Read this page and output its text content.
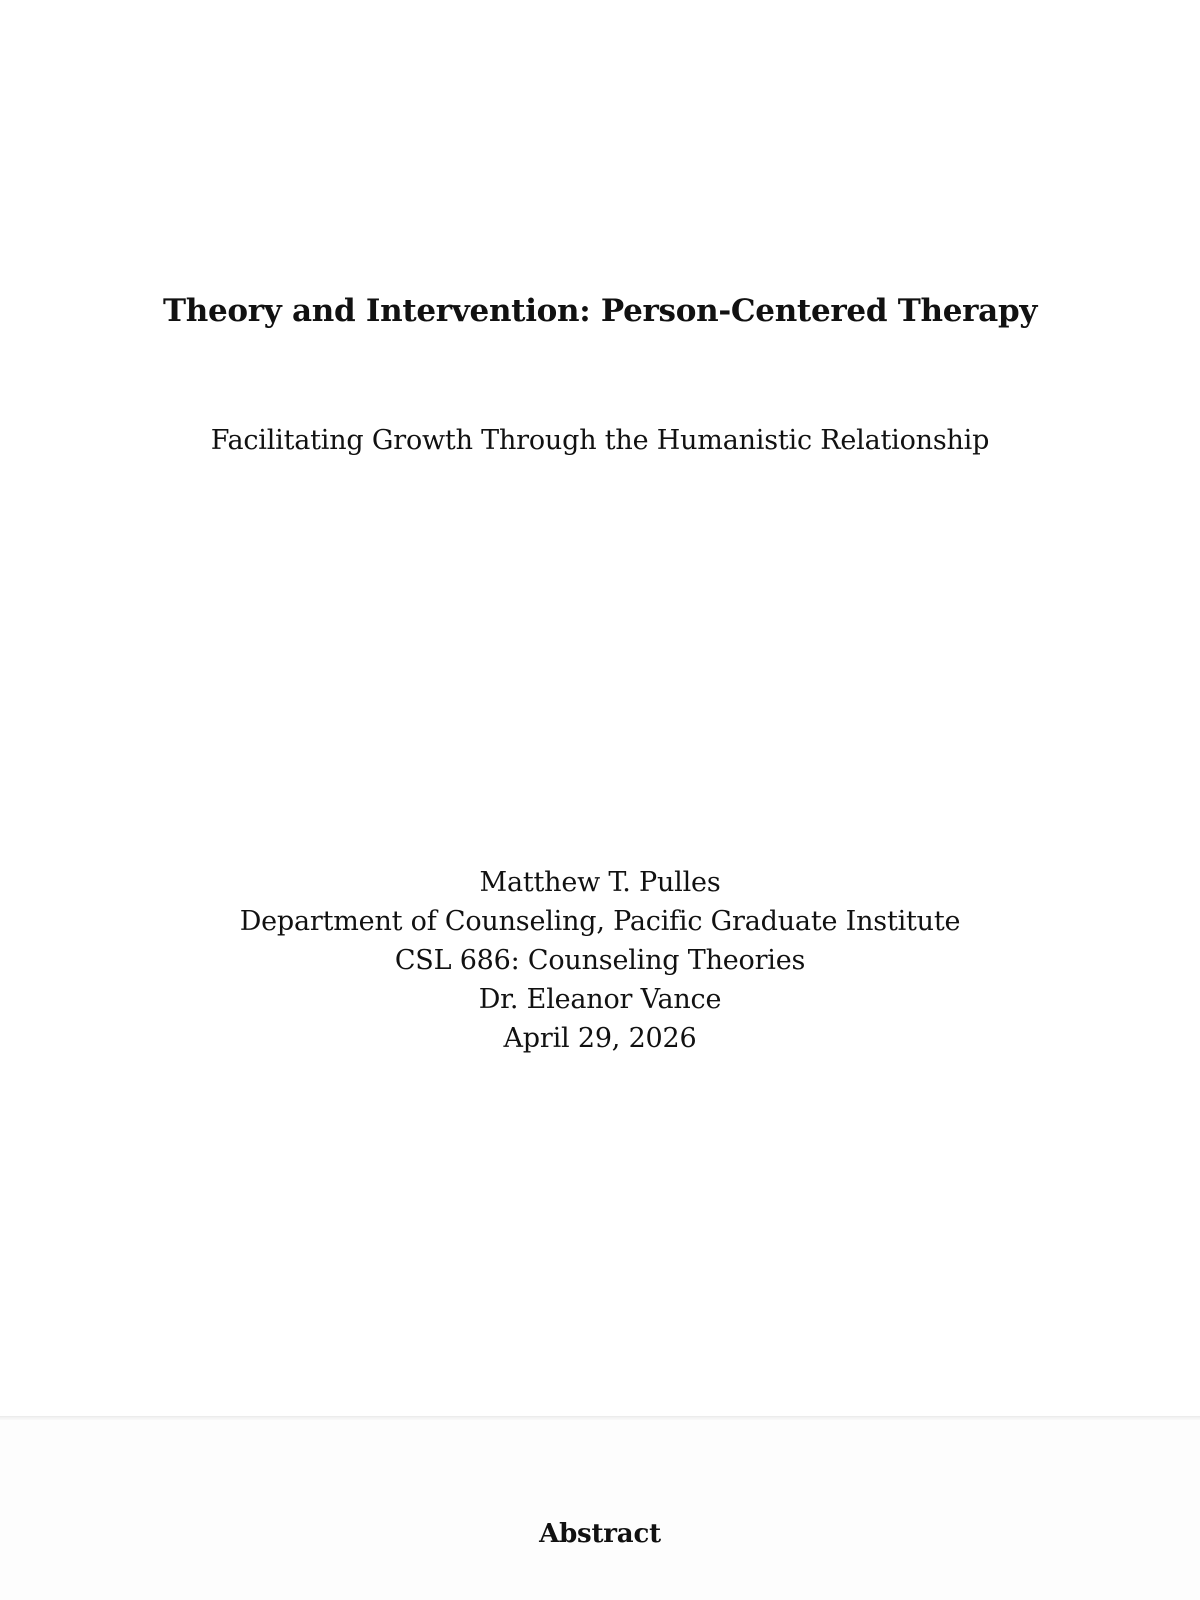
Theory and Intervention: Person-Centered Therapy

Facilitating Growth Through the Humanistic Relationship

Matthew T. Pulles
Department of Counseling, Pacific Graduate Institute
CSL 686: Counseling Theories
Dr. Eleanor Vance
April 29, 2026
Abstract
